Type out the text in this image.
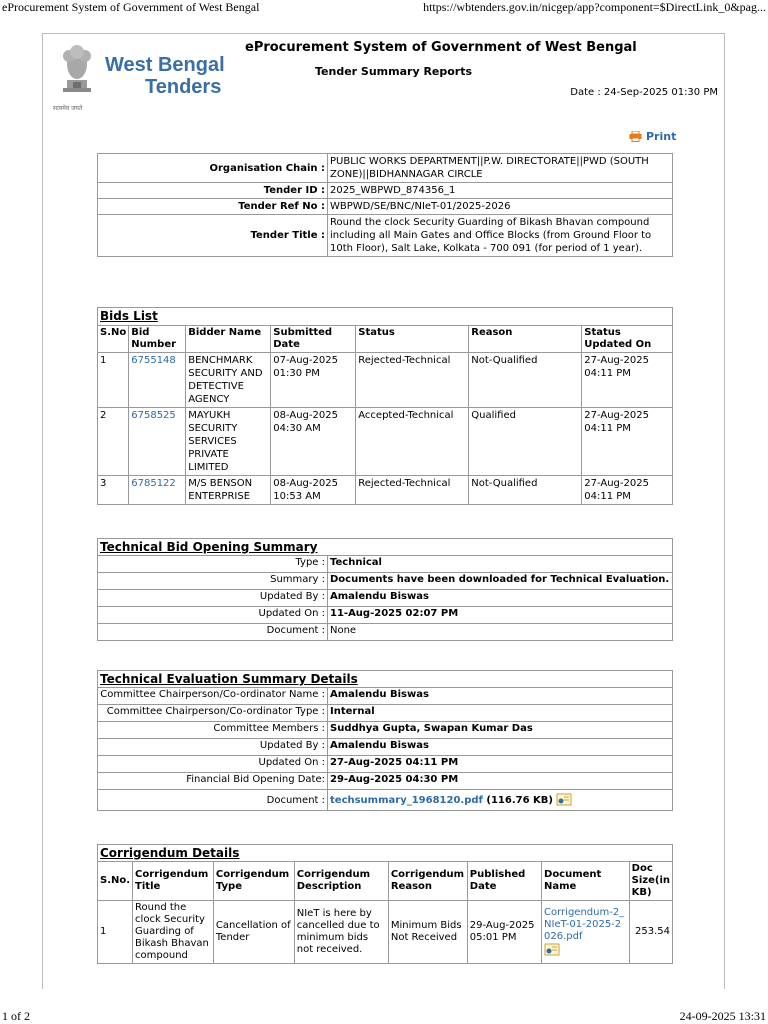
eProcurement System of Government of West Bengal	https://wbtenders.gov.in/nicgep/app?component=$DirectLink_0&pag...
सत्यमेव जयते
West Bengal
Tenders
eProcurement System of Government of West Bengal
Tender Summary Reports
Date : 24-Sep-2025 01:30 PM
Print
Organisation Chain :	PUBLIC WORKS DEPARTMENT||P.W. DIRECTORATE||PWD (SOUTH ZONE)||BIDHANNAGAR CIRCLE
Tender ID :	2025_WBPWD_874356_1
Tender Ref No :	WBPWD/SE/BNC/NIeT-01/2025-2026
Tender Title :	Round the clock Security Guarding of Bikash Bhavan compound including all Main Gates and Office Blocks (from Ground Floor to 10th Floor), Salt Lake, Kolkata - 700 091 (for period of 1 year).
Bids List						
S.No	Bid Number	Bidder Name	Submitted Date	Status	Reason	Status Updated On
1	6755148	BENCHMARK SECURITY AND DETECTIVE AGENCY	07-Aug-2025 01:30 PM	Rejected-Technical	Not-Qualified	27-Aug-2025 04:11 PM
2	6758525	MAYUKH SECURITY SERVICES PRIVATE LIMITED	08-Aug-2025 04:30 AM	Accepted-Technical	Qualified	27-Aug-2025 04:11 PM
3	6785122	M/S BENSON ENTERPRISE	08-Aug-2025 10:53 AM	Rejected-Technical	Not-Qualified	27-Aug-2025 04:11 PM
Technical Bid Opening Summary	
Type :	Technical
Summary :	Documents have been downloaded for Technical Evaluation.
Updated By :	Amalendu Biswas
Updated On :	11-Aug-2025 02:07 PM
Document :	None
Technical Evaluation Summary Details	
Committee Chairperson/Co-ordinator Name :	Amalendu Biswas
Committee Chairperson/Co-ordinator Type :	Internal
Committee Members :	Suddhya Gupta, Swapan Kumar Das
Updated By :	Amalendu Biswas
Updated On :	27-Aug-2025 04:11 PM
Financial Bid Opening Date:	29-Aug-2025 04:30 PM
Document :	techsummary_1968120.pdf (116.76 KB)
Corrigendum Details							
S.No.	Corrigendum Title	Corrigendum Type	Corrigendum Description	Corrigendum Reason	Published Date	Document Name	Doc Size(in KB)
1	Round the clock Security Guarding of Bikash Bhavan compound	Cancellation of Tender	NIeT is here by cancelled due to minimum bids not received.	Minimum Bids Not Received	29-Aug-2025 05:01 PM	Corrigendum-2_NIeT-01-2025-2026.pdf	253.54
1 of 2	24-09-2025 13:31
